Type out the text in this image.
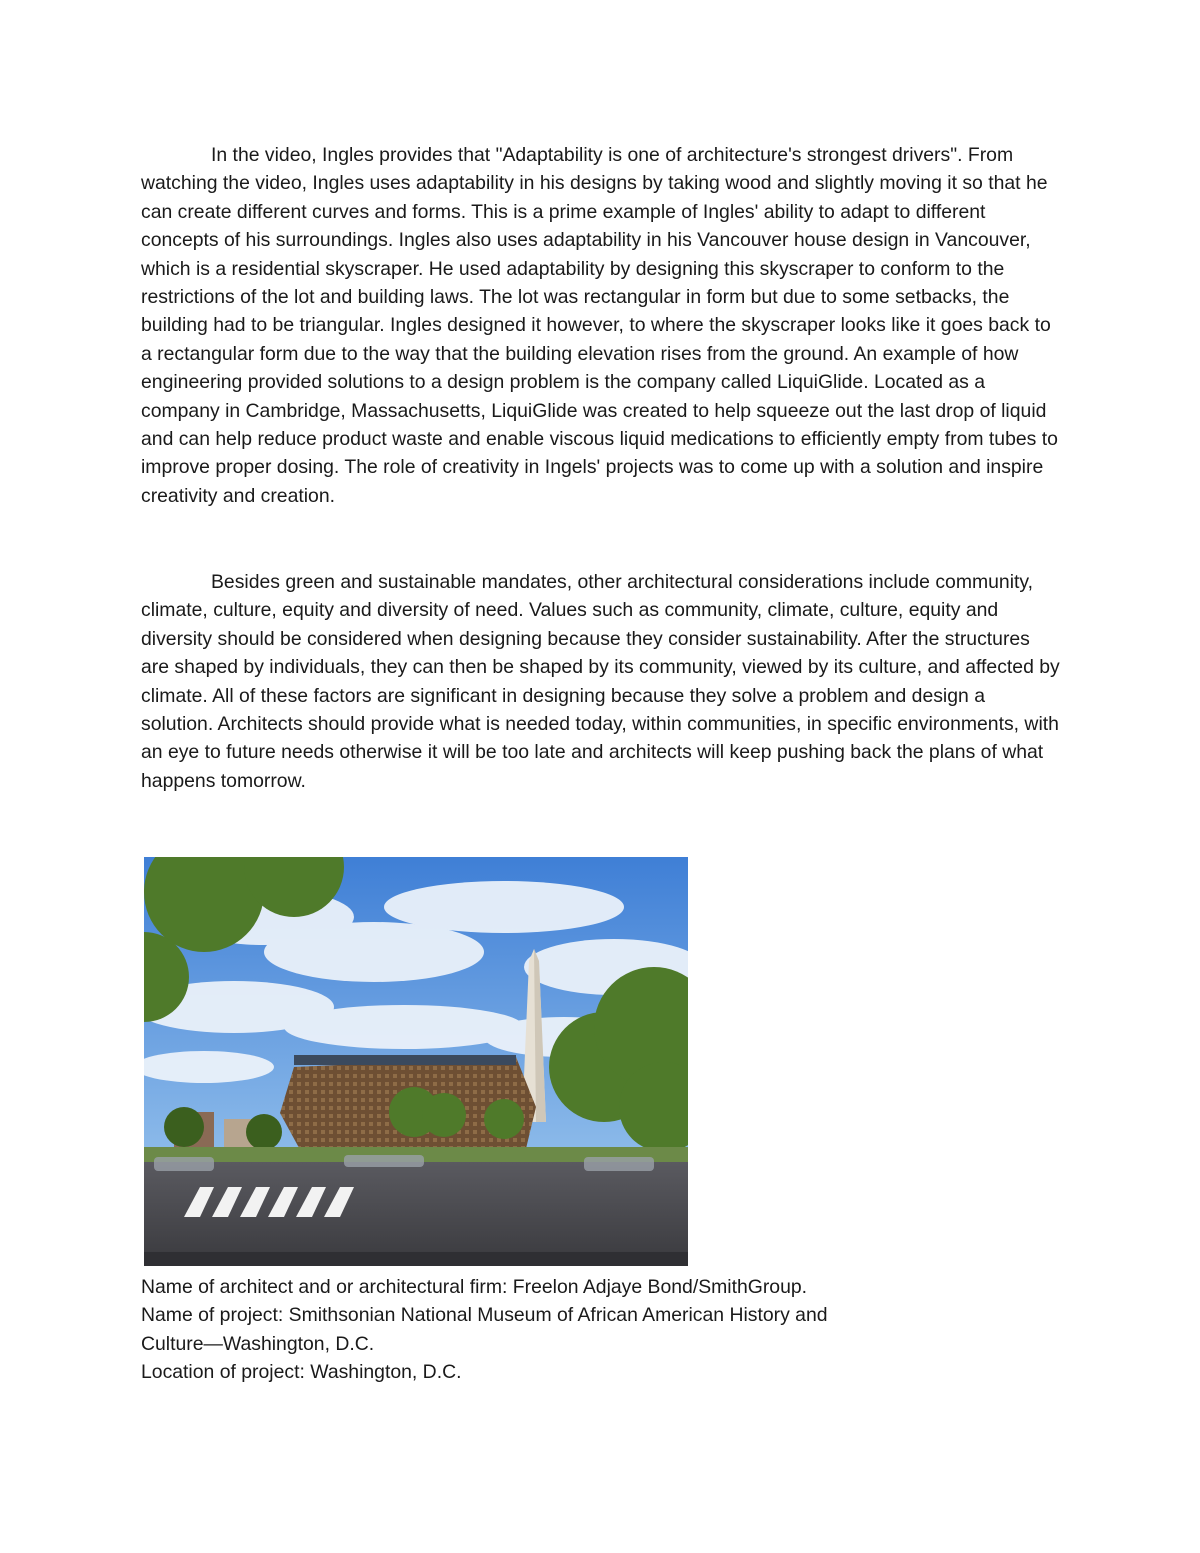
In the video, Ingles provides that "Adaptability is one of architecture's strongest drivers". From watching the video, Ingles uses adaptability in his designs by taking wood and slightly moving it so that he can create different curves and forms. This is a prime example of Ingles' ability to adapt to different concepts of his surroundings. Ingles also uses adaptability in his Vancouver house design in Vancouver, which is a residential skyscraper. He used adaptability by designing this skyscraper to conform to the restrictions of the lot and building laws. The lot was rectangular in form but due to some setbacks, the building had to be triangular. Ingles designed it however, to where the skyscraper looks like it goes back to a rectangular form due to the way that the building elevation rises from the ground. An example of how engineering provided solutions to a design problem is the company called LiquiGlide. Located as a company in Cambridge, Massachusetts, LiquiGlide was created to help squeeze out the last drop of liquid and can help reduce product waste and enable viscous liquid medications to efficiently empty from tubes to improve proper dosing. The role of creativity in Ingels' projects was to come up with a solution and inspire creativity and creation.

Besides green and sustainable mandates, other architectural considerations include community, climate, culture, equity and diversity of need. Values such as community, climate, culture, equity and diversity should be considered when designing because they consider sustainability. After the structures are shaped by individuals, they can then be shaped by its community, viewed by its culture, and affected by climate. All of these factors are significant in designing because they solve a problem and design a solution. Architects should provide what is needed today, within communities, in specific environments, with an eye to future needs otherwise it will be too late and architects will keep pushing back the plans of what happens tomorrow.

Name of architect and or architectural firm: Freelon Adjaye Bond/SmithGroup.
Name of project: Smithsonian National Museum of African American History and
Culture—Washington, D.C.
Location of project: Washington, D.C.
